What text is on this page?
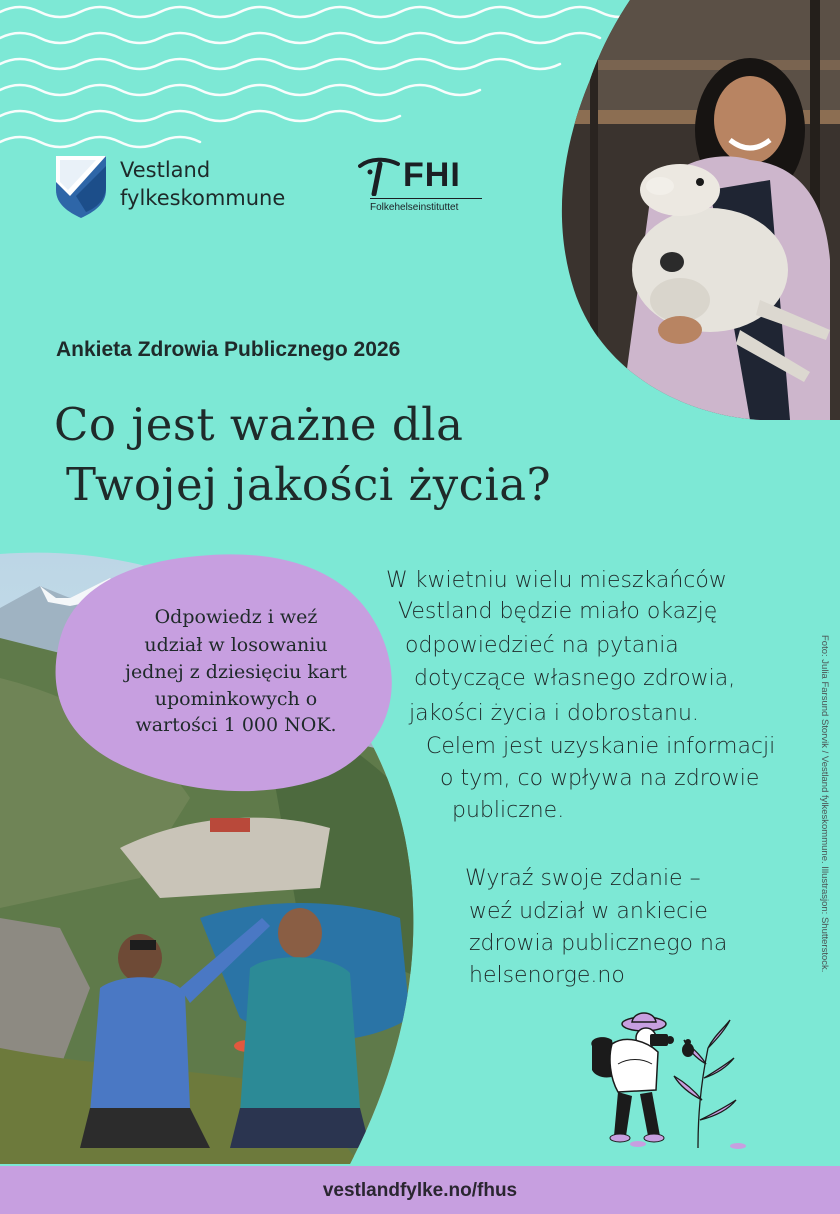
Vestland
fylkeskommune
FHI
Folkehelseinstituttet
Ankieta Zdrowia Publicznego 2026
Co jest ważne dla
Twojej jakości życia?
Odpowiedz i weź
udział w losowaniu
jednej z dziesięciu kart
upominkowych o
wartości 1 000 NOK.
W kwietniu wielu mieszkańców
Vestland będzie miało okazję
odpowiedzieć na pytania
dotyczące własnego zdrowia,
jakości życia i dobrostanu.
Celem jest uzyskanie informacji
o tym, co wpływa na zdrowie
publiczne.
Wyraź swoje zdanie –
weź udział w ankiecie
zdrowia publicznego na
helsenorge.no
Foto: Julia Farsund Storvik / Vestland fylkeskommune. Illustrasjon: Shutterstock.
vestlandfylke.no/fhus
